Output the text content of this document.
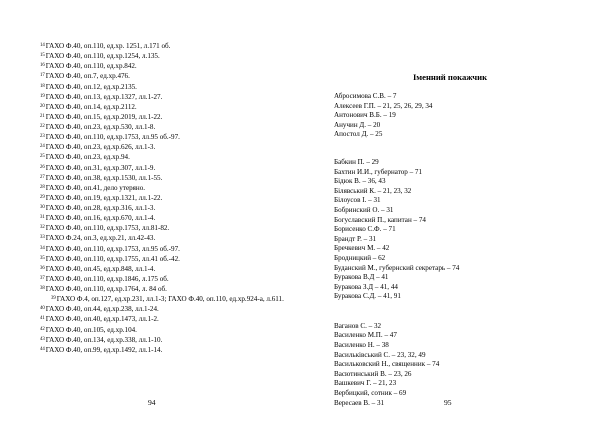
$^{14}$ГАХО Ф.40, оп.110, ед.хр. 1251, л.171 об.
$^{15}$ГАХО Ф.40, оп.110, ед.хр.1254, л.135.
$^{16}$ГАХО Ф.40, оп.110, ед.хр.842.
$^{17}$ГАХО Ф.40, оп.7, ед.хр.476.
$^{18}$ГАХО Ф.40, оп.12, ед.хр.2135.
$^{19}$ГАХО Ф.40, оп.13, ед.хр.1327, лл.1-27.
$^{20}$ГАХО Ф.40, оп.14, ед.хр.2112.
$^{21}$ГАХО Ф.40, оп.15, ед.хр.2019, лл.1-22.
$^{22}$ГАХО Ф.40, оп.23, ед.хр.530, лл.1-8.
$^{23}$ГАХО Ф.40, оп.110, ед.хр.1753, лл.95 об.-97.
$^{24}$ГАХО Ф.40, оп.23, ед.хр.626, лл.1-3.
$^{25}$ГАХО Ф.40, оп.23, ед.хр.94.
$^{26}$ГАХО Ф.40, оп.31, ед.хр.307, лл.1-9.
$^{27}$ГАХО Ф.40, оп.38, ед.хр.1530, лл.1-55.
$^{28}$ГАХО Ф.40, оп.41, дело утеряно.
$^{29}$ГАХО Ф.40, оп.19, ед.хр.1321, лл.1-22.
$^{30}$ГАХО Ф.40, оп.28, ед.хр.316, лл.1-3.
$^{31}$ГАХО Ф.40, оп.16, ед.хр.670, лл.1-4.
$^{32}$ГАХО Ф.40, оп.110, ед.хр.1753, лл.81-82.
$^{33}$ГАХО Ф.24, оп.3, ед.хр.21, лл.42-43.
$^{34}$ГАХО Ф.40, оп.110, ед.хр.1753, лл.95 об.-97.
$^{35}$ГАХО Ф.40, оп.110, ед.хр.1755, лл.41 об.-42.
$^{36}$ГАХО Ф.40, оп.45, ед.хр.848, лл.1-4.
$^{37}$ГАХО Ф.40, оп.110, ед.хр.1846, л.175 об.
$^{38}$ГАХО Ф.40, оп.110, ед.хр.1764, л. 84 об.
$^{39}$ГАХО Ф.4, оп.127, ед.хр.231, лл.1-3; ГАХО Ф.40, оп.110, ед.хр.924-а, л.611.
$^{40}$ГАХО Ф.40, оп.44, ед.хр.238, лл.1-24.
$^{41}$ГАХО Ф.40, оп.40, ед.хр.1473, лл.1-2.
$^{42}$ГАХО Ф.40, оп.105, ед.хр.104.
$^{43}$ГАХО Ф.40, оп.134, ед.хр.338, лл.1-10.
$^{44}$ГАХО Ф.40, оп.99, ед.хр.1492, лл.1-14.
94
Іменний покажчик
Абросимова С.В. – 7
Алексеев Г.П. – 21, 25, 26, 29, 34
Антонович В.Б. – 19
Анучин Д. – 20
Апостол Д. – 25
Бабкин П. – 29
Бахтин И.И., губернатор – 71
Бідюк В. – 36, 43
Білявський К. – 21, 23, 32
Білоусов І. – 31
Бобринский О. – 31
Богуславский П., капитан – 74
Борисенко С.Ф. – 71
Брандт Р. – 31
Бречкевич М. – 42
Бродницкий – 62
Буданский М., губернский секретарь – 74
Буракова В.Д – 41
Буракова З.Д – 41, 44
Буракова С.Д. – 41, 91
Ваганов С. – 32
Василенко М.П. – 47
Василенко Н. – 38
Васильківський С. – 23, 32, 49
Васильковский Н., священник – 74
Васютинський В. – 23, 26
Вашкевич Г. – 21, 23
Вербицкий, сотник – 69
Вересаев В. – 31	95
